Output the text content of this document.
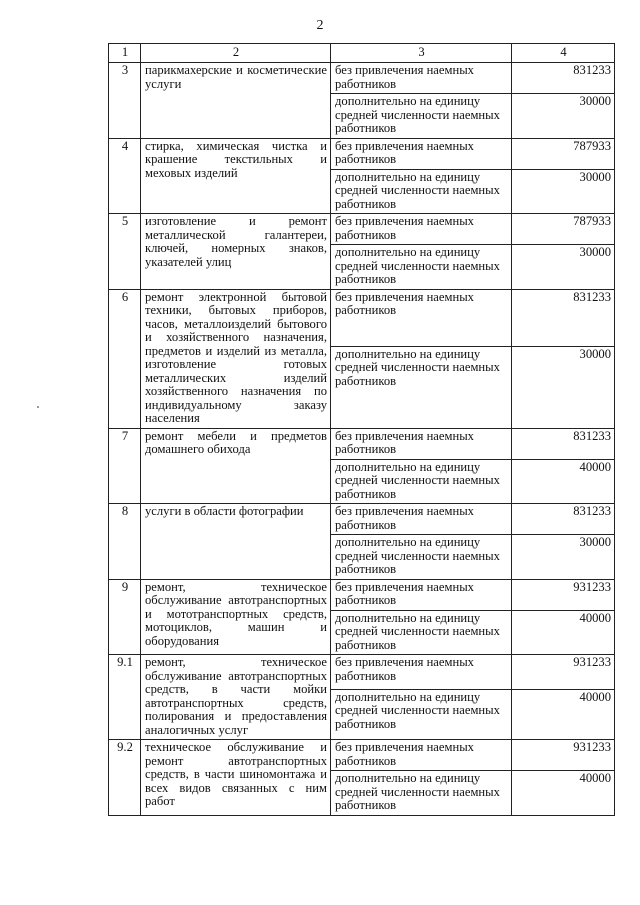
2
1	2	3	4
3	парикмахерские и косметические услуги	без привлечения наемных работников	831233
		дополнительно на единицу средней численности наемных работников	30000
4	стирка, химическая чистка и крашение текстильных и меховых изделий	без привлечения наемных работников	787933
		дополнительно на единицу средней численности наемных работников	30000
5	изготовление и ремонт металлической галантереи, ключей, номерных знаков, указателей улиц	без привлечения наемных работников	787933
		дополнительно на единицу средней численности наемных работников	30000
6	ремонт электронной бытовой техники, бытовых приборов, часов, металлоизделий бытового и хозяйственного назначения, предметов и изделий из металла, изготовление готовых металлических изделий хозяйственного назначения по индивидуальному заказу населения	без привлечения наемных работников	831233
		дополнительно на единицу средней численности наемных работников	30000
7	ремонт мебели и предметов домашнего обихода	без привлечения наемных работников	831233
		дополнительно на единицу средней численности наемных работников	40000
8	услуги в области фотографии	без привлечения наемных работников	831233
		дополнительно на единицу средней численности наемных работников	30000
9	ремонт, техническое обслуживание автотранспортных и мототранспортных средств, мотоциклов, машин и оборудования	без привлечения наемных работников	931233
		дополнительно на единицу средней численности наемных работников	40000
9.1	ремонт, техническое обслуживание автотранспортных средств, в части мойки автотранспортных средств, полирования и предоставления аналогичных услуг	без привлечения наемных работников	931233
		дополнительно на единицу средней численности наемных работников	40000
9.2	техническое обслуживание и ремонт автотранспортных средств, в части шиномонтажа и всех видов связанных с ним работ	без привлечения наемных работников	931233
		дополнительно на единицу средней численности наемных работников	40000
